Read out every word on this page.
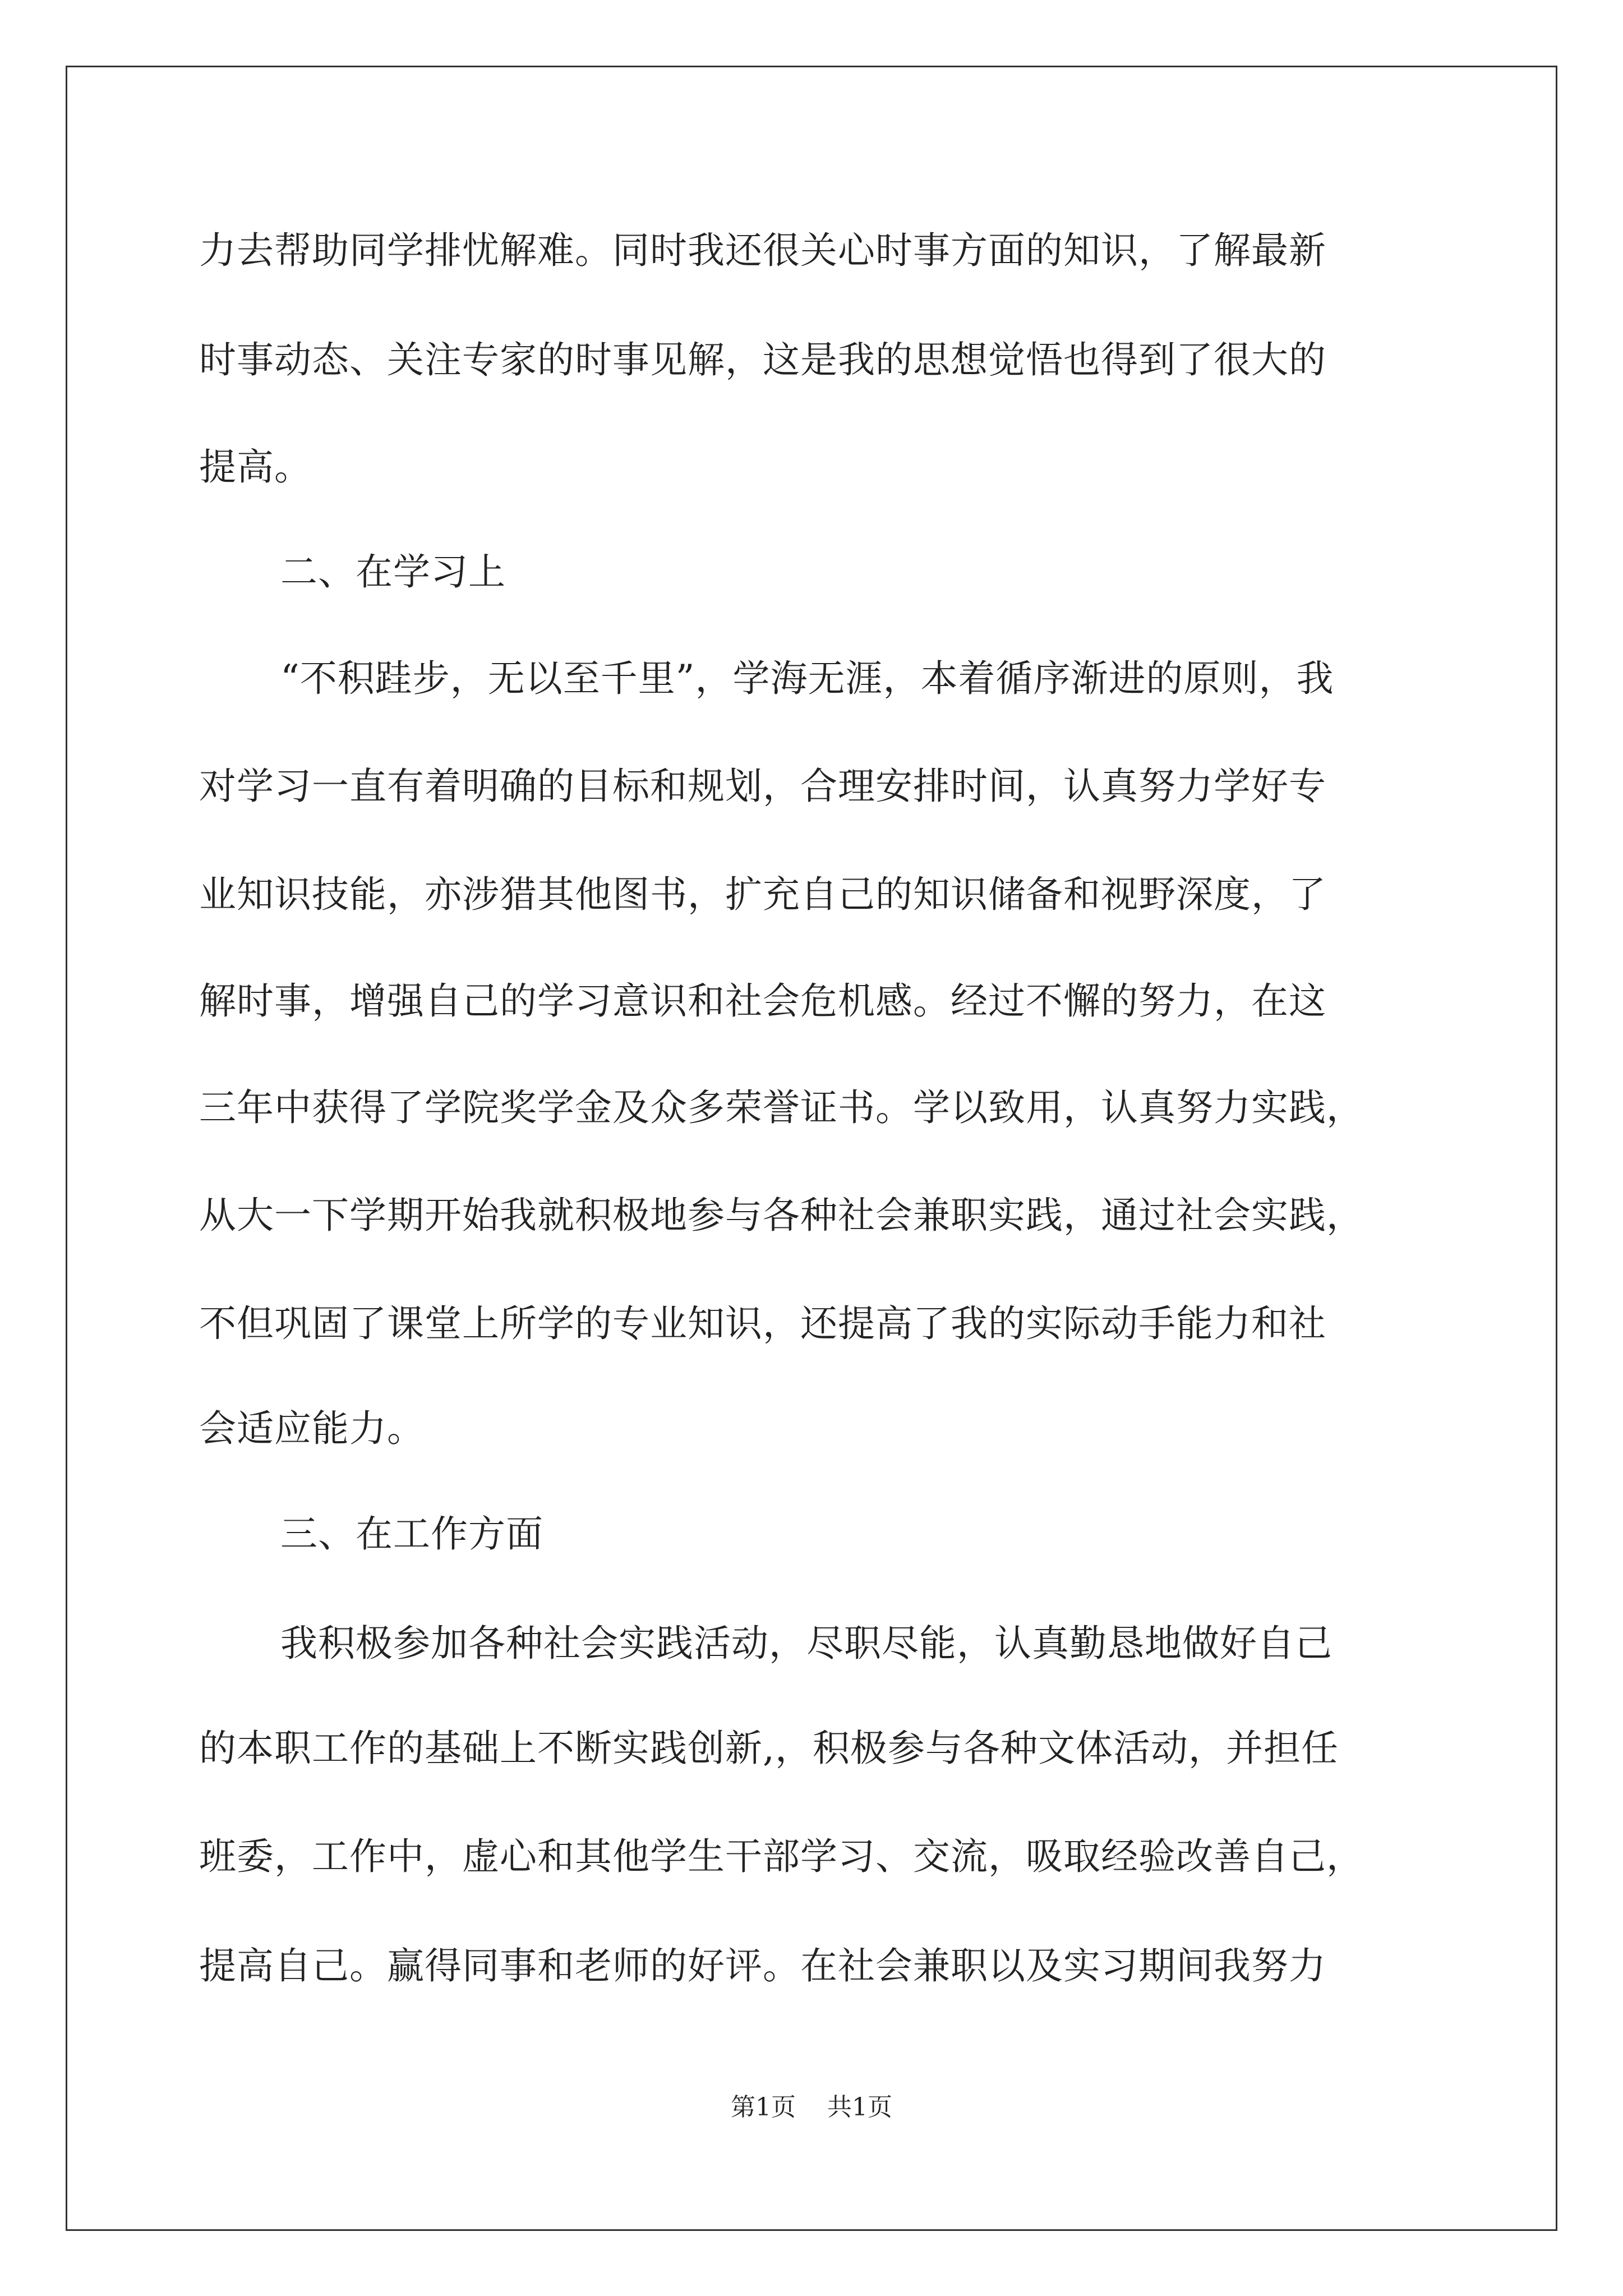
力去帮助同学排忧解难。同时我还很关心时事方面的知识，了解最新
时事动态、关注专家的时事见解，这是我的思想觉悟也得到了很大的
提高。
二、在学习上
“不积跬步，无以至千里”，学海无涯，本着循序渐进的原则，我
对学习一直有着明确的目标和规划，合理安排时间，认真努力学好专
业知识技能，亦涉猎其他图书，扩充自己的知识储备和视野深度，了
解时事，增强自己的学习意识和社会危机感。经过不懈的努力，在这
三年中获得了学院奖学金及众多荣誉证书。学以致用，认真努力实践，
从大一下学期开始我就积极地参与各种社会兼职实践，通过社会实践，
不但巩固了课堂上所学的专业知识，还提高了我的实际动手能力和社
会适应能力。
三、在工作方面
我积极参加各种社会实践活动，尽职尽能，认真勤恳地做好自己
的本职工作的基础上不断实践创新,，积极参与各种文体活动，并担任
班委，工作中，虚心和其他学生干部学习、交流，吸取经验改善自己，
提高自己。赢得同事和老师的好评。在社会兼职以及实习期间我努力
第1页    共1页
